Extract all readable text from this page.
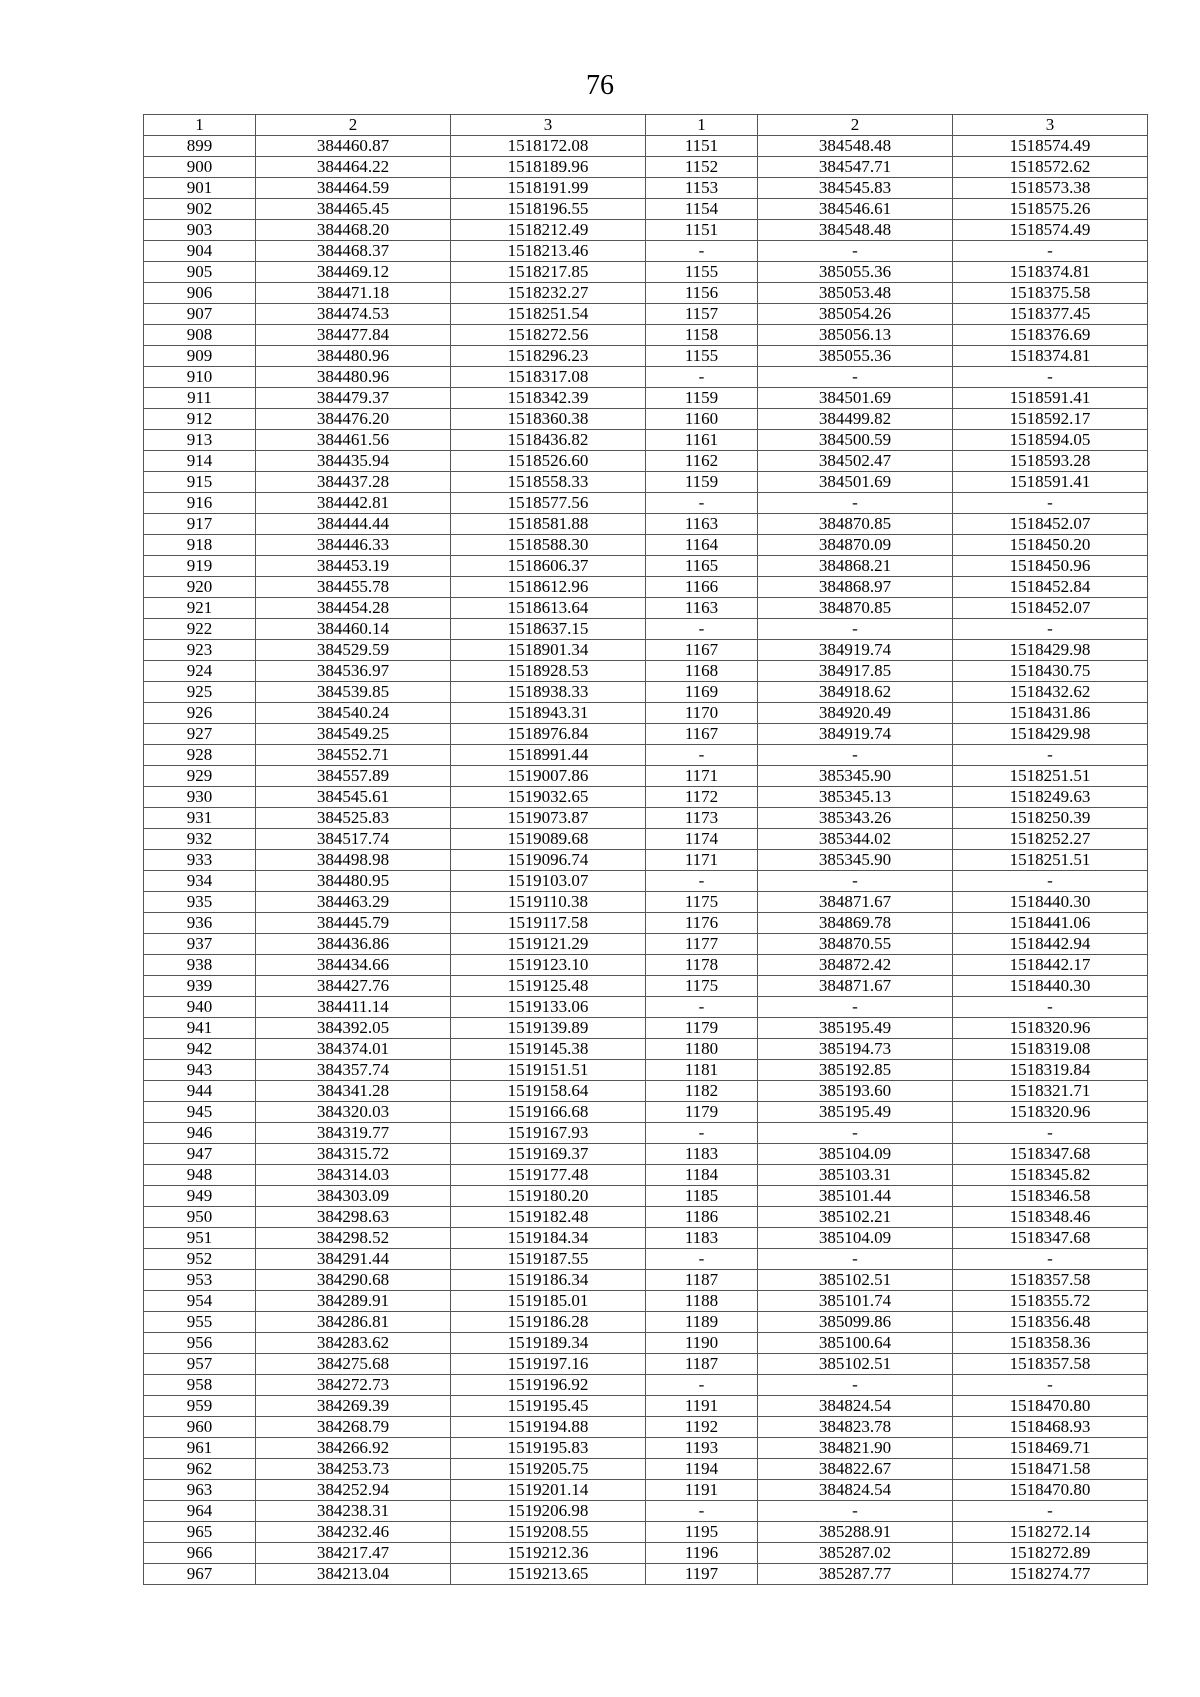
76
1	2	3	1	2	3
899	384460.87	1518172.08	1151	384548.48	1518574.49
900	384464.22	1518189.96	1152	384547.71	1518572.62
901	384464.59	1518191.99	1153	384545.83	1518573.38
902	384465.45	1518196.55	1154	384546.61	1518575.26
903	384468.20	1518212.49	1151	384548.48	1518574.49
904	384468.37	1518213.46	-	-	-
905	384469.12	1518217.85	1155	385055.36	1518374.81
906	384471.18	1518232.27	1156	385053.48	1518375.58
907	384474.53	1518251.54	1157	385054.26	1518377.45
908	384477.84	1518272.56	1158	385056.13	1518376.69
909	384480.96	1518296.23	1155	385055.36	1518374.81
910	384480.96	1518317.08	-	-	-
911	384479.37	1518342.39	1159	384501.69	1518591.41
912	384476.20	1518360.38	1160	384499.82	1518592.17
913	384461.56	1518436.82	1161	384500.59	1518594.05
914	384435.94	1518526.60	1162	384502.47	1518593.28
915	384437.28	1518558.33	1159	384501.69	1518591.41
916	384442.81	1518577.56	-	-	-
917	384444.44	1518581.88	1163	384870.85	1518452.07
918	384446.33	1518588.30	1164	384870.09	1518450.20
919	384453.19	1518606.37	1165	384868.21	1518450.96
920	384455.78	1518612.96	1166	384868.97	1518452.84
921	384454.28	1518613.64	1163	384870.85	1518452.07
922	384460.14	1518637.15	-	-	-
923	384529.59	1518901.34	1167	384919.74	1518429.98
924	384536.97	1518928.53	1168	384917.85	1518430.75
925	384539.85	1518938.33	1169	384918.62	1518432.62
926	384540.24	1518943.31	1170	384920.49	1518431.86
927	384549.25	1518976.84	1167	384919.74	1518429.98
928	384552.71	1518991.44	-	-	-
929	384557.89	1519007.86	1171	385345.90	1518251.51
930	384545.61	1519032.65	1172	385345.13	1518249.63
931	384525.83	1519073.87	1173	385343.26	1518250.39
932	384517.74	1519089.68	1174	385344.02	1518252.27
933	384498.98	1519096.74	1171	385345.90	1518251.51
934	384480.95	1519103.07	-	-	-
935	384463.29	1519110.38	1175	384871.67	1518440.30
936	384445.79	1519117.58	1176	384869.78	1518441.06
937	384436.86	1519121.29	1177	384870.55	1518442.94
938	384434.66	1519123.10	1178	384872.42	1518442.17
939	384427.76	1519125.48	1175	384871.67	1518440.30
940	384411.14	1519133.06	-	-	-
941	384392.05	1519139.89	1179	385195.49	1518320.96
942	384374.01	1519145.38	1180	385194.73	1518319.08
943	384357.74	1519151.51	1181	385192.85	1518319.84
944	384341.28	1519158.64	1182	385193.60	1518321.71
945	384320.03	1519166.68	1179	385195.49	1518320.96
946	384319.77	1519167.93	-	-	-
947	384315.72	1519169.37	1183	385104.09	1518347.68
948	384314.03	1519177.48	1184	385103.31	1518345.82
949	384303.09	1519180.20	1185	385101.44	1518346.58
950	384298.63	1519182.48	1186	385102.21	1518348.46
951	384298.52	1519184.34	1183	385104.09	1518347.68
952	384291.44	1519187.55	-	-	-
953	384290.68	1519186.34	1187	385102.51	1518357.58
954	384289.91	1519185.01	1188	385101.74	1518355.72
955	384286.81	1519186.28	1189	385099.86	1518356.48
956	384283.62	1519189.34	1190	385100.64	1518358.36
957	384275.68	1519197.16	1187	385102.51	1518357.58
958	384272.73	1519196.92	-	-	-
959	384269.39	1519195.45	1191	384824.54	1518470.80
960	384268.79	1519194.88	1192	384823.78	1518468.93
961	384266.92	1519195.83	1193	384821.90	1518469.71
962	384253.73	1519205.75	1194	384822.67	1518471.58
963	384252.94	1519201.14	1191	384824.54	1518470.80
964	384238.31	1519206.98	-	-	-
965	384232.46	1519208.55	1195	385288.91	1518272.14
966	384217.47	1519212.36	1196	385287.02	1518272.89
967	384213.04	1519213.65	1197	385287.77	1518274.77
